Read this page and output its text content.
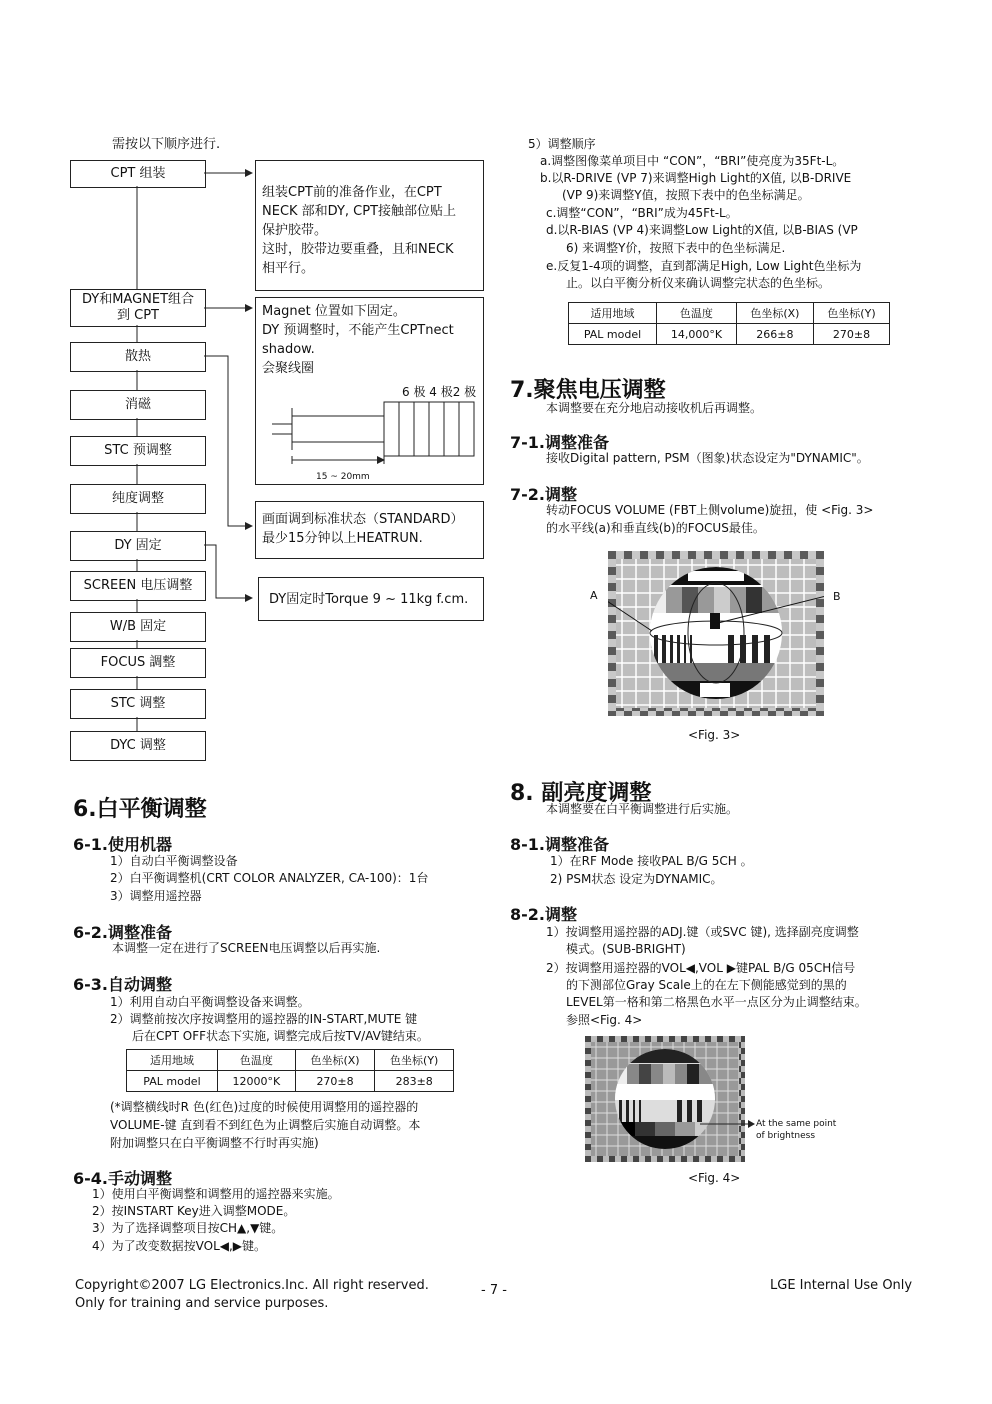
需按以下顺序进行.
CPT 组装
DY和MAGNET组合
到 CPT
散热
消磁
STC 预调整
纯度调整
DY 固定
SCREEN 电压调整
W/B 固定
FOCUS 調整
STC 调整
DYC 调整
组装CPT前的准备作业，在CPT
NECK 部和DY, CPT接触部位贴上
保护胶带。
这时，胶带边要重叠，且和NECK
相平行。
Magnet 位置如下固定。
DY 预调整时，不能产生CPTnect
shadow.
会聚线圈
6 极 4 极2 极
15 ~ 20mm
画面调到标准状态（STANDARD）
最少15分钟以上HEATRUN.
DY固定时Torque 9 ~ 11kg f.cm.
6.白平衡调整
6-1.使用机器
1）自动白平衡调整设备
2）白平衡调整机(CRT COLOR ANALYZER, CA-100)：1台
3）调整用遥控器
6-2.调整准备
本调整一定在进行了SCREEN电压调整以后再实施.
6-3.自动调整
1）利用自动白平衡调整设备来调整。
2）调整前按次序按调整用的遥控器的IN-START,MUTE 键
后在CPT OFF状态下实施, 调整完成后按TV/AV键结束。
适用地域	色温度	色坐标(X)	色坐标(Y)
PAL model	12000°K	270±8	283±8
(*调整横线时R 色(红色)过度的时候使用调整用的遥控器的
VOLUME-键 直到看不到红色为止调整后实施自动调整。本
附加调整只在白平衡调整不行时再实施)
6-4.手动调整
1）使用白平衡调整和调整用的遥控器来实施。
2）按INSTART Key进入调整MODE。
3）为了选择调整项目按CH▲,▼键。
4）为了改变数据按VOL◀,▶键。
5）调整顺序
a.调整图像菜单项目中 “CON”，“BRI”使亮度为35Ft-L。
b.以R-DRIVE (VP 7)来调整High Light的X值, 以B-DRIVE
(VP 9)来调整Y值，按照下表中的色坐标满足。
c.调整“CON”，“BRI”成为45Ft-L。
d.以R-BIAS (VP 4)来调整Low Light的X值, 以B-BIAS (VP
6) 来调整Y价，按照下表中的色坐标满足.
e.反复1-4项的调整，直到都满足High, Low Light色坐标为
止。以白平衡分析仪来确认调整完状态的色坐标。
适用地域	色温度	色坐标(X)	色坐标(Y)
PAL model	14,000°K	266±8	270±8
7.聚焦电压调整
本调整要在充分地启动接收机后再调整。
7-1.调整准备
接收Digital pattern, PSM（图象)状态设定为"DYNAMIC"。
7-2.调整
转动FOCUS VOLUME (FBT上侧volume)旋扭，使 <Fig. 3>
的水平线(a)和垂直线(b)的FOCUS最佳。
A	B
<Fig. 3>
8. 副亮度调整
本调整要在白平衡调整进行后实施。
8-1.调整准备
1）在RF Mode 接收PAL B/G 5CH 。
2) PSM状态 设定为DYNAMIC。
8-2.调整
1）按调整用遥控器的ADJ.键（或SVC 键), 选择副亮度调整
模式。(SUB-BRIGHT)
2）按调整用遥控器的VOL◀,VOL ▶键PAL B/G 05CH信号
的下测部位Gray Scale上的在左下侧能感觉到的黑的
LEVEL第一格和第二格黑色水平一点区分为止调整结束。
参照<Fig. 4>
At the same point
of brightness
<Fig. 4>
Copyright©2007 LG Electronics.Inc. All right reserved.
Only for training and service purposes.
- 7 -	LGE Internal Use Only
